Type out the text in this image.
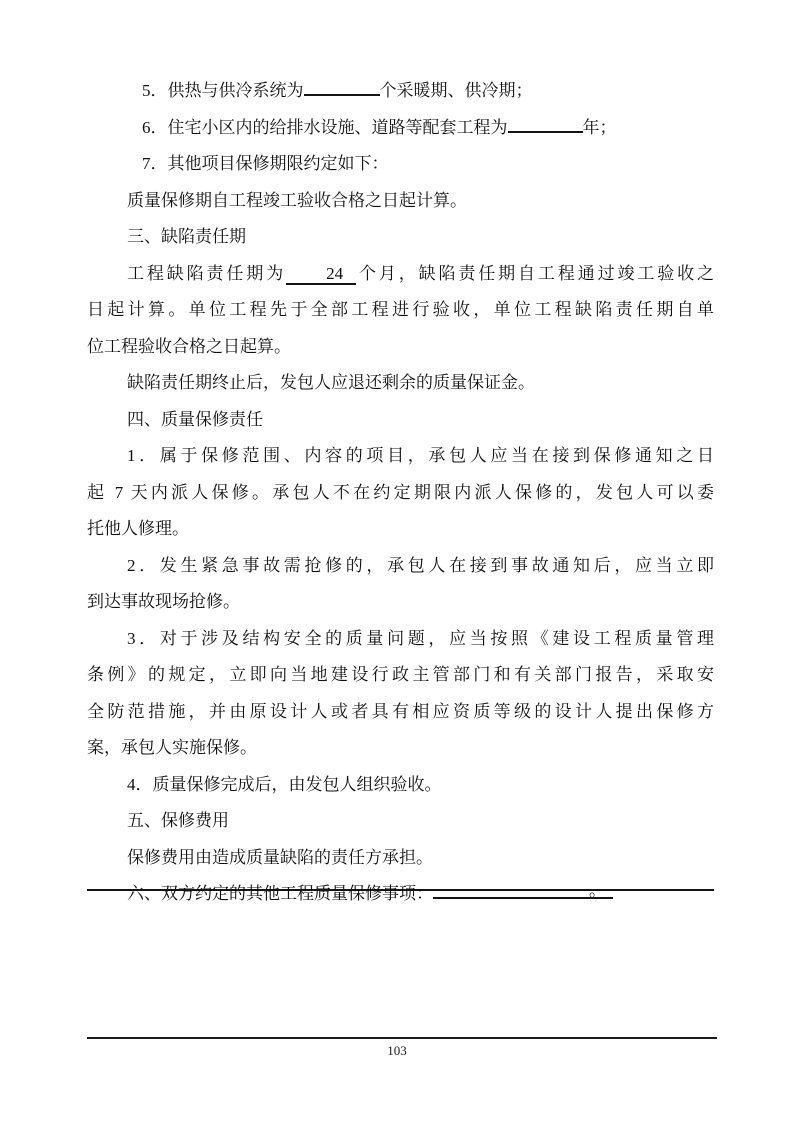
5．供热与供冷系统为	个采暖期、供冷期；
6．住宅小区内的给排水设施、道路等配套工程为	年；
7．其他项目保修期限约定如下：
。
质量保修期自工程竣工验收合格之日起计算。
三、缺陷责任期
工程缺陷责任期为 24 个月，缺陷责任期自工程通过竣工验收之
日起计算。单位工程先于全部工程进行验收，单位工程缺陷责任期自单
位工程验收合格之日起算。
缺陷责任期终止后，发包人应退还剩余的质量保证金。
四、质量保修责任
1．属于保修范围、内容的项目，承包人应当在接到保修通知之日
起 7 天内派人保修。承包人不在约定期限内派人保修的，发包人可以委
托他人修理。
2．发生紧急事故需抢修的，承包人在接到事故通知后，应当立即
到达事故现场抢修。
3．对于涉及结构安全的质量问题，应当按照《建设工程质量管理
条例》的规定，立即向当地建设行政主管部门和有关部门报告，采取安
全防范措施，并由原设计人或者具有相应资质等级的设计人提出保修方
案，承包人实施保修。
4．质量保修完成后，由发包人组织验收。
五、保修费用
保修费用由造成质量缺陷的责任方承担。
六、双方约定的其他工程质量保修事项：
103
